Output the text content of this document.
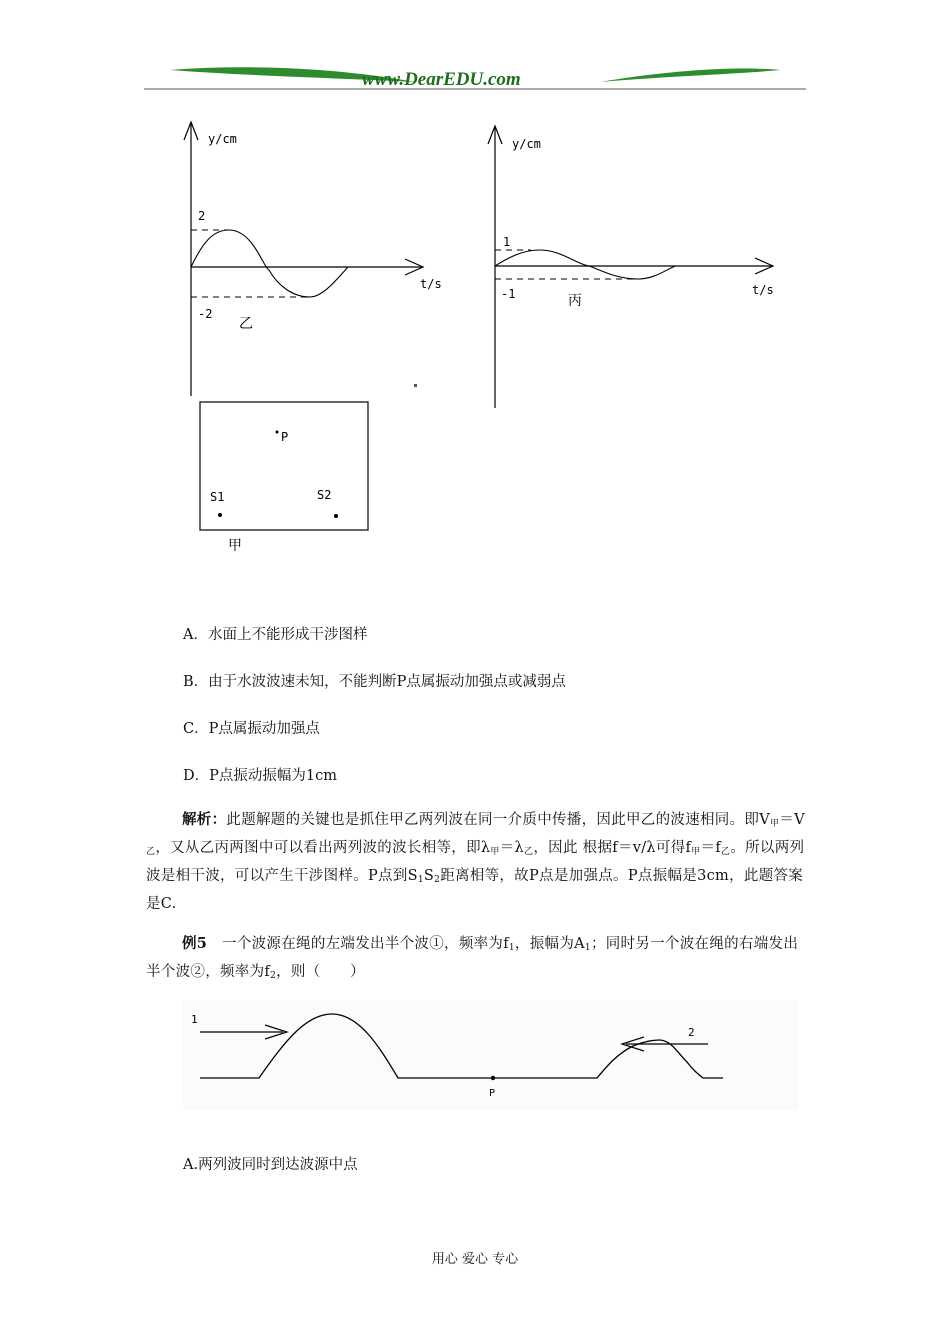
www.DearEDU.com
y/cm
t/s
2
-2
乙
y/cm
t/s
1
-1	丙
P
S1	S2
甲
A．水面上不能形成干涉图样
B．由于水波波速未知，不能判断P点属振动加强点或减弱点
C．P点属振动加强点
D．P点振动振幅为1cm
解析：此题解题的关键也是抓住甲乙两列波在同一介质中传播，因此甲乙的波速相同。即$V_甲=V_乙$，又从乙丙两图中可以看出两列波的波长相等，即$\lambda_甲=\lambda_乙$，因此 根据f＝v/λ可得$f_甲=f_乙$。所以两列波是相干波，可以产生干涉图样。P点到$S_1S_2$距离相等，故P点是加强点。P点振幅是3cm，此题答案是C.
例5　 一个波源在绳的左端发出半个波①，频率为$f_1$，振幅为$A_1$；同时另一个波在绳的右端发出半个波②，频率为$f_2$，则（　　）
1
2
P
A.两列波同时到达波源中点
用心 爱心 专心
